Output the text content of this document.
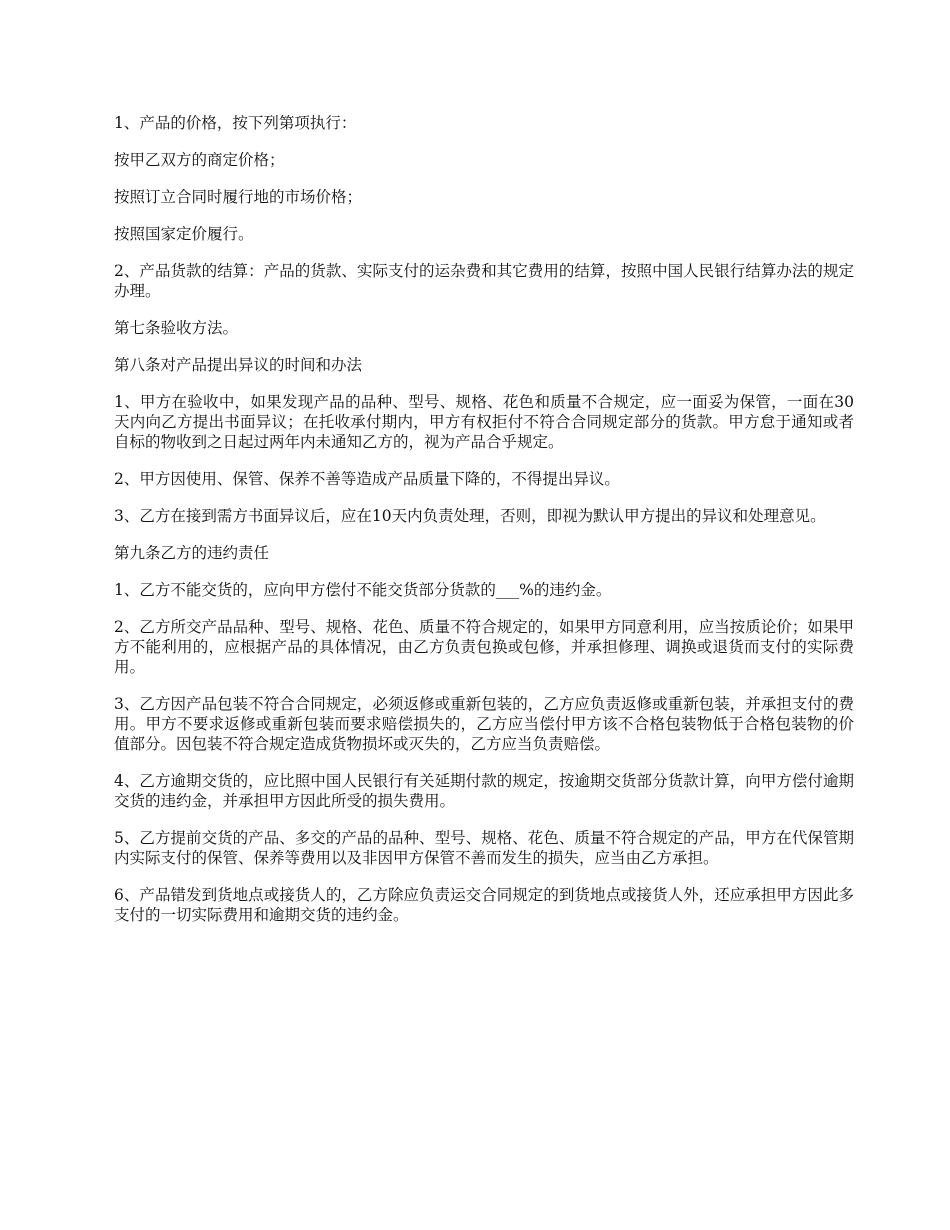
1、产品的价格，按下列第项执行：

按甲乙双方的商定价格；

按照订立合同时履行地的市场价格；

按照国家定价履行。

2、产品货款的结算：产品的货款、实际支付的运杂费和其它费用的结算，按照中国人民银行结算办法的规定办理。

第七条验收方法。

第八条对产品提出异议的时间和办法

1、甲方在验收中，如果发现产品的品种、型号、规格、花色和质量不合规定，应一面妥为保管，一面在30天内向乙方提出书面异议；在托收承付期内，甲方有权拒付不符合合同规定部分的货款。甲方怠于通知或者自标的物收到之日起过两年内未通知乙方的，视为产品合乎规定。

2、甲方因使用、保管、保养不善等造成产品质量下降的，不得提出异议。

3、乙方在接到需方书面异议后，应在10天内负责处理，否则，即视为默认甲方提出的异议和处理意见。

第九条乙方的违约责任

1、乙方不能交货的，应向甲方偿付不能交货部分货款的___%的违约金。

2、乙方所交产品品种、型号、规格、花色、质量不符合规定的，如果甲方同意利用，应当按质论价；如果甲方不能利用的，应根据产品的具体情况，由乙方负责包换或包修，并承担修理、调换或退货而支付的实际费用。

3、乙方因产品包装不符合合同规定，必须返修或重新包装的，乙方应负责返修或重新包装，并承担支付的费用。甲方不要求返修或重新包装而要求赔偿损失的，乙方应当偿付甲方该不合格包装物低于合格包装物的价值部分。因包装不符合规定造成货物损坏或灭失的，乙方应当负责赔偿。

4、乙方逾期交货的，应比照中国人民银行有关延期付款的规定，按逾期交货部分货款计算，向甲方偿付逾期交货的违约金，并承担甲方因此所受的损失费用。

5、乙方提前交货的产品、多交的产品的品种、型号、规格、花色、质量不符合规定的产品，甲方在代保管期内实际支付的保管、保养等费用以及非因甲方保管不善而发生的损失，应当由乙方承担。

6、产品错发到货地点或接货人的，乙方除应负责运交合同规定的到货地点或接货人外，还应承担甲方因此多支付的一切实际费用和逾期交货的违约金。
